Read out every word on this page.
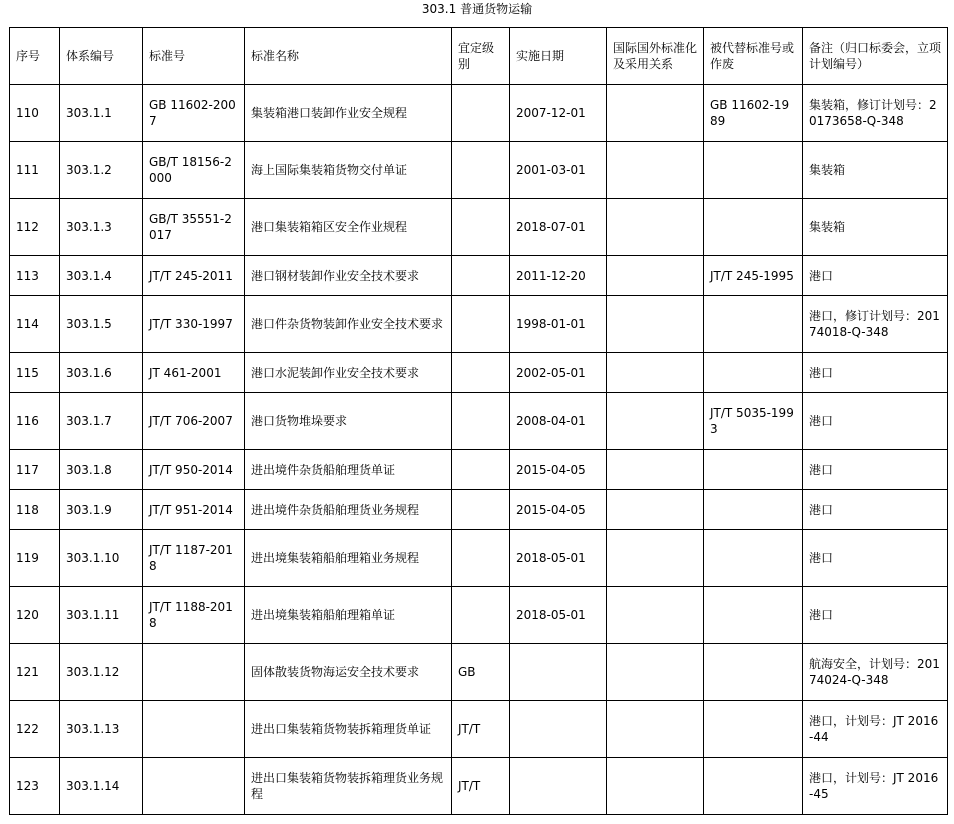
303.1 普通货物运输
序号	体系编号	标准号	标准名称	宜定级别	实施日期	国际国外标准化及采用关系	被代替标准号或作废	备注（归口标委会，立项计划编号）
110	303.1.1	GB 11602-2007	集装箱港口装卸作业安全规程		2007-12-01		GB 11602-1989	集装箱，修订计划号：20173658-Q-348
111	303.1.2	GB/T 18156-2000	海上国际集装箱货物交付单证		2001-03-01			集装箱
112	303.1.3	GB/T 35551-2017	港口集装箱箱区安全作业规程		2018-07-01			集装箱
113	303.1.4	JT/T 245-2011	港口钢材装卸作业安全技术要求		2011-12-20		JT/T 245-1995	港口
114	303.1.5	JT/T 330-1997	港口件杂货物装卸作业安全技术要求		1998-01-01			港口，修订计划号：20174018-Q-348
115	303.1.6	JT 461-2001	港口水泥装卸作业安全技术要求		2002-05-01			港口
116	303.1.7	JT/T 706-2007	港口货物堆垛要求		2008-04-01		JT/T 5035-1993	港口
117	303.1.8	JT/T 950-2014	进出境件杂货船舶理货单证		2015-04-05			港口
118	303.1.9	JT/T 951-2014	进出境件杂货船舶理货业务规程		2015-04-05			港口
119	303.1.10	JT/T 1187-2018	进出境集装箱船舶理箱业务规程		2018-05-01			港口
120	303.1.11	JT/T 1188-2018	进出境集装箱船舶理箱单证		2018-05-01			港口
121	303.1.12		固体散装货物海运安全技术要求	GB				航海安全，计划号：20174024-Q-348
122	303.1.13		进出口集装箱货物装拆箱理货单证	JT/T				港口，计划号：JT 2016-44
123	303.1.14		进出口集装箱货物装拆箱理货业务规程	JT/T				港口，计划号：JT 2016-45
